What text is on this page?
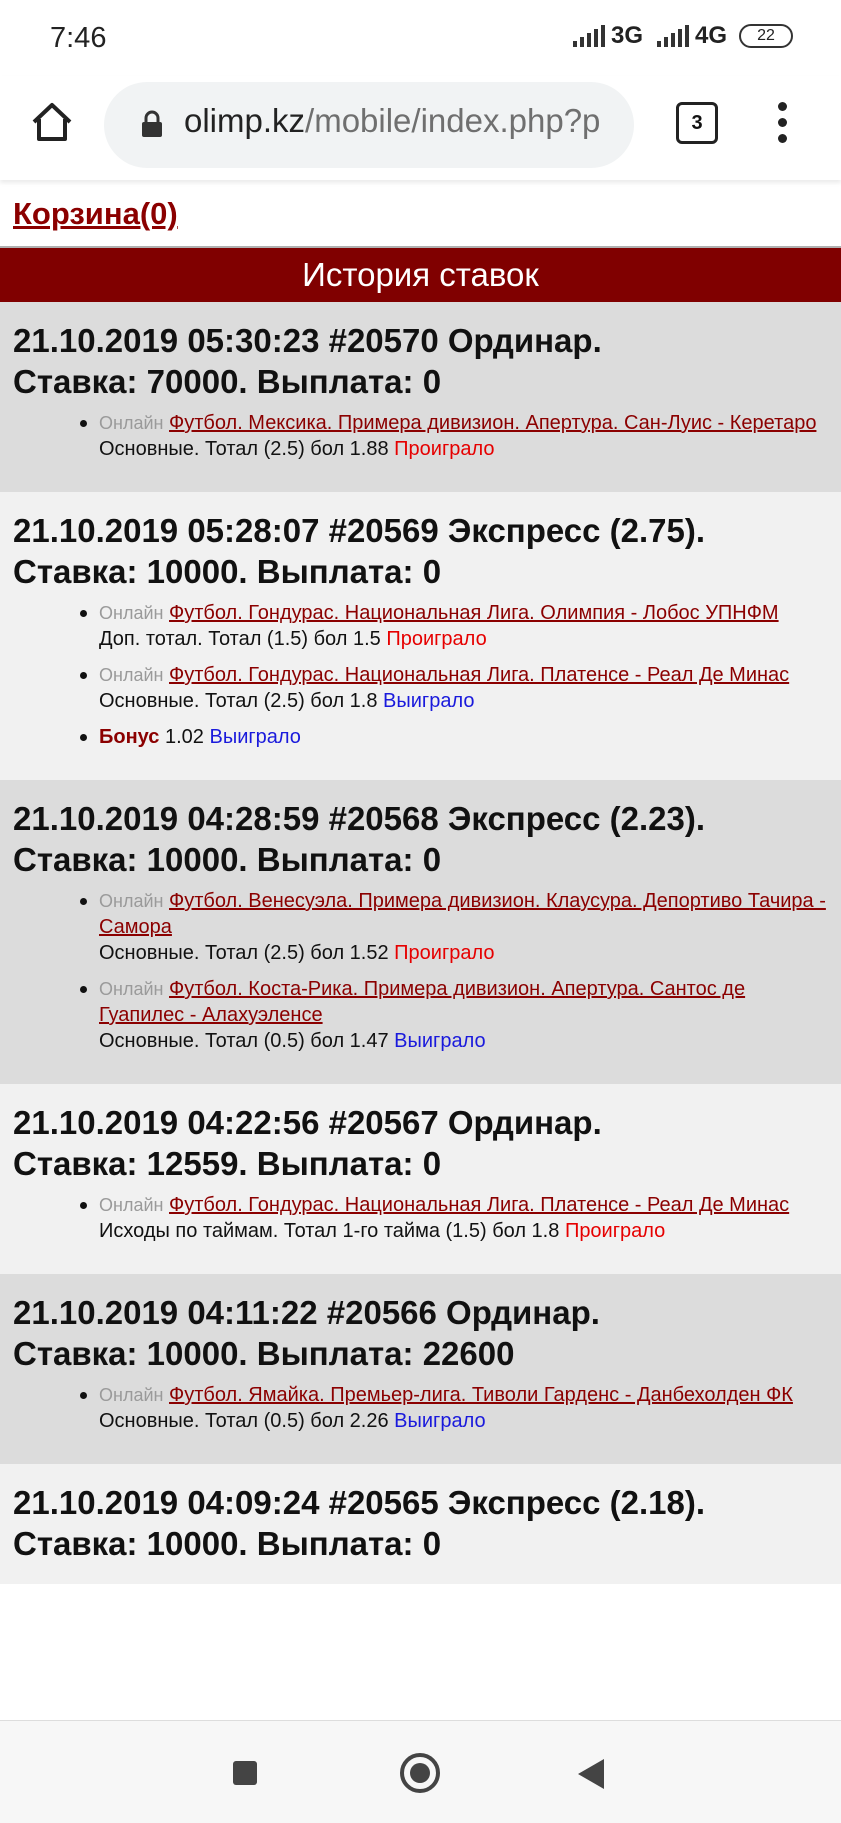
7:46	3G 4G	22
olimp.kz/mobile/index.php?p	3
Корзина(0)
История ставок
21.10.2019 05:30:23 #20570 Ординар.
Ставка: 70000. Выплата: 0
Онлайн Футбол. Мексика. Примера дивизион. Апертура. Сан-Луис - Керетаро
Основные. Тотал (2.5) бол 1.88 Проиграло
21.10.2019 05:28:07 #20569 Экспресс (2.75).
Ставка: 10000. Выплата: 0
Онлайн Футбол. Гондурас. Национальная Лига. Олимпия - Лобос УПНФМ
Доп. тотал. Тотал (1.5) бол 1.5 Проиграло
Онлайн Футбол. Гондурас. Национальная Лига. Платенсе - Реал Де Минас
Основные. Тотал (2.5) бол 1.8 Выиграло
Бонус 1.02 Выиграло
21.10.2019 04:28:59 #20568 Экспресс (2.23).
Ставка: 10000. Выплата: 0
Онлайн Футбол. Венесуэла. Примера дивизион. Клаусура. Депортиво Тачира - Самора
Основные. Тотал (2.5) бол 1.52 Проиграло
Онлайн Футбол. Коста-Рика. Примера дивизион. Апертура. Сантос де Гуапилес - Алахуэленсе
Основные. Тотал (0.5) бол 1.47 Выиграло
21.10.2019 04:22:56 #20567 Ординар.
Ставка: 12559. Выплата: 0
Онлайн Футбол. Гондурас. Национальная Лига. Платенсе - Реал Де Минас
Исходы по таймам. Тотал 1-го тайма (1.5) бол 1.8 Проиграло
21.10.2019 04:11:22 #20566 Ординар.
Ставка: 10000. Выплата: 22600
Онлайн Футбол. Ямайка. Премьер-лига. Тиволи Гарденс - Данбехолден ФК
Основные. Тотал (0.5) бол 2.26 Выиграло
21.10.2019 04:09:24 #20565 Экспресс (2.18).
Ставка: 10000. Выплата: 0
